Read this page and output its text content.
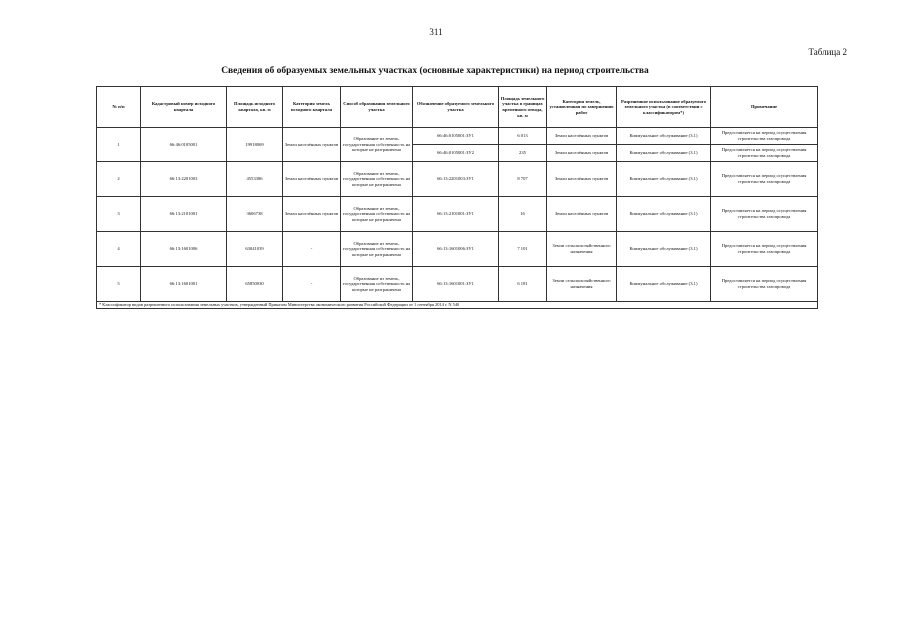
311
Таблица 2
Сведения об образуемых земельных участках (основные характеристики) на период строительства
№ п/п	Кадастровый номер исходного квартала	Площадь исходного квартала, кв. м	Категория земель исходного квартала	Способ образования земельного участка	Обозначение образуемого земельного участка	Площадь земельного участка в границах временного отвода, кв. м	Категория земель, установленная по завершению работ	Разрешенное использование образуемого земельного участка (в соответствии с классификатором*)	Примечание
1	66:46:0105001	19918069	Земли населённых пунктов	Образование из земель, государственная собственность на которые не разграничена	66:46:0105001:ЗУ1	6 013	Земли населённых пунктов	Коммунальное обслуживание (3.1)	Предоставляется на период осуществления строительства газопровода
					66:46:0105001:ЗУ2	235	Земли населённых пунктов	Коммунальное обслуживание (3.1)	Предоставляется на период осуществления строительства газопровода
2	66:13:2201003	4553386	Земли населённых пунктов	Образование из земель, государственная собственность на которые не разграничена	66:13:2201003:ЗУ1	8 707	Земли населённых пунктов	Коммунальное обслуживание (3.1)	Предоставляется на период осуществления строительства газопровода
3	66:13:2101001	3606738	Земли населённых пунктов	Образование из земель, государственная собственность на которые не разграничена	66:13:2101001:ЗУ1	16	Земли населённых пунктов	Коммунальное обслуживание (3.1)	Предоставляется на период осуществления строительства газопровода
4	66:13:1601006	63041039	-	Образование из земель, государственная собственность на которые не разграничена	66:13:1601006:ЗУ1	7 101	Земли сельскохозяйственного назначения	Коммунальное обслуживание (3.1)	Предоставляется на период осуществления строительства газопровода
5	66:13:1601001	65850030	-	Образование из земель, государственная собственность на которые не разграничена	66:13:1601001:ЗУ1	6 181	Земли сельскохозяйственного назначения	Коммунальное обслуживание (3.1)	Предоставляется на период осуществления строительства газопровода
* Классификатор видов разрешенного использования земельных участков, утвержденный Приказом Министерства экономического развития Российской Федерации от 1 сентября 2014 г. N 540									
